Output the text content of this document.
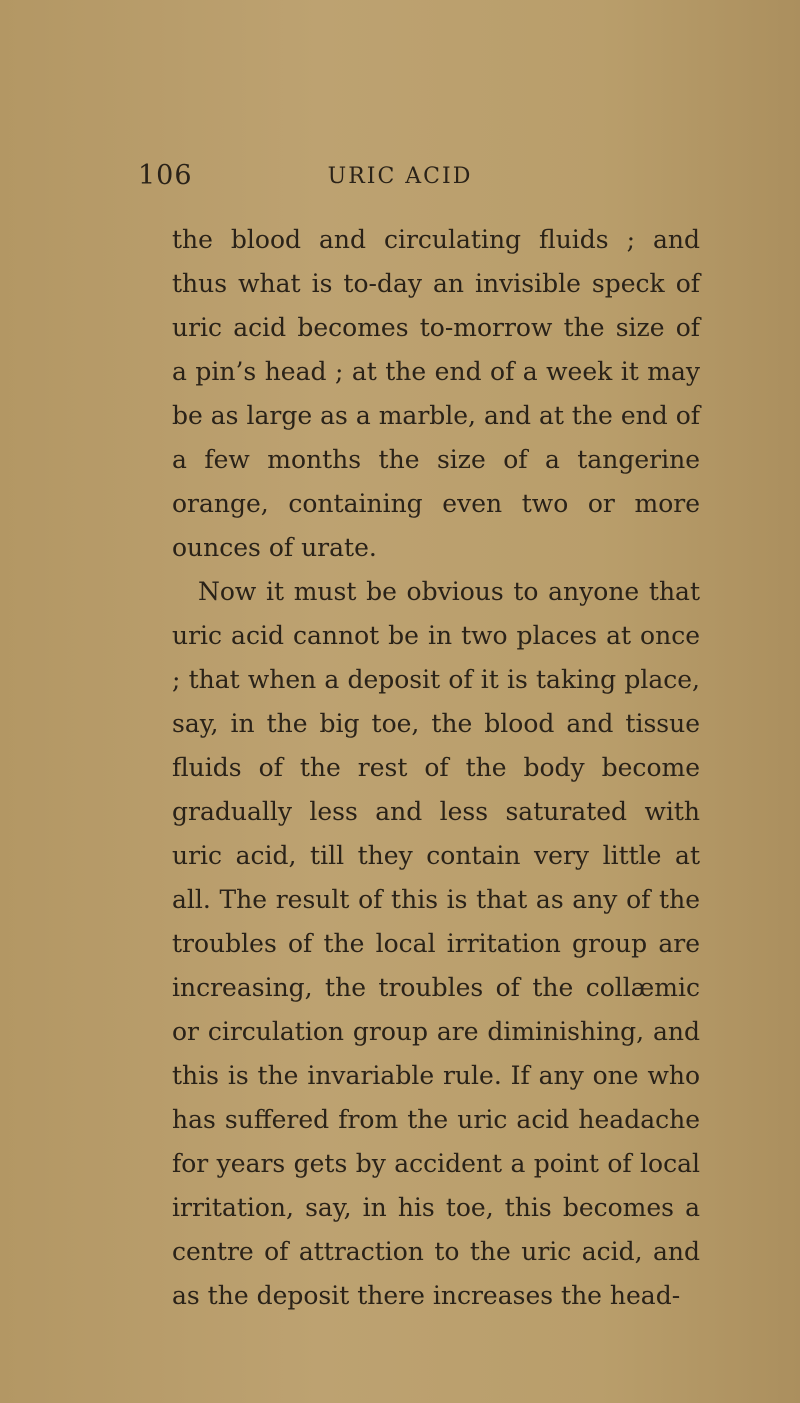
106	URIC ACID

the blood and circulating fluids ; and thus what is to-day an invisible speck of uric acid becomes to-morrow the size of a pin’s head ; at the end of a week it may be as large as a marble, and at the end of a few months the size of a tangerine orange, containing even two or more ounces of urate.

Now it must be obvious to anyone that uric acid cannot be in two places at once ; that when a deposit of it is taking place, say, in the big toe, the blood and tissue fluids of the rest of the body become gradually less and less saturated with uric acid, till they contain very little at all. The result of this is that as any of the troubles of the local irritation group are increasing, the troubles of the collæmic or circulation group are diminishing, and this is the invariable rule. If any one who has suffered from the uric acid headache for years gets by accident a point of local irritation, say, in his toe, this becomes a centre of attraction to the uric acid, and as the deposit there increases the head-
